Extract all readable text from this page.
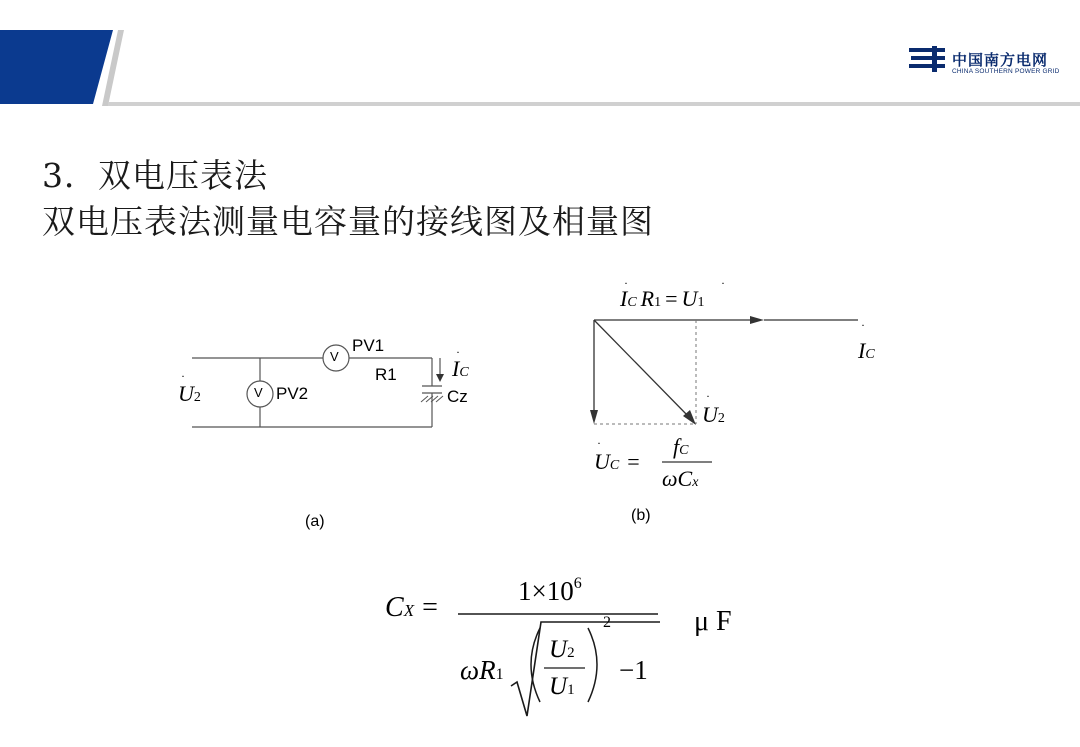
中国南方电网
CHINA SOUTHERN POWER GRID
3．双电压表法
双电压表法测量电容量的接线图及相量图
V
V
PV1
PV2
R1
Cz
U2
·	IC
·
(a)
IC R1 = U1
·	·
IC
·
U2
·
UC =
·	fC
ωCx
(b)
CX =
1×106
ωR1
U2
U1
2
−1
μ F
